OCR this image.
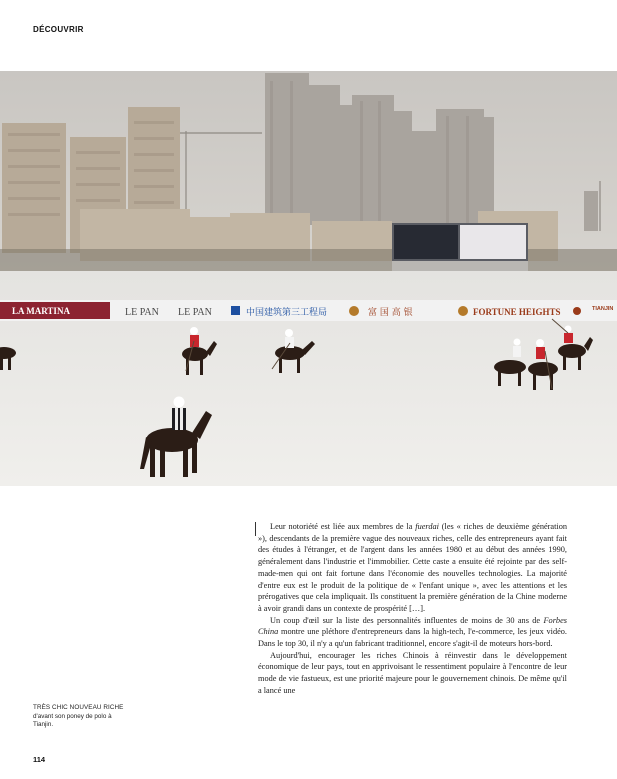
DÉCOUVRIR
LA MARTINA	LE PAN LE PAN	中国建筑第三工程局	富 国 高 银	FORTUNE HEIGHTS	TIANJIN
TRÈS CHIC NOUVEAU RICHE d'avant son poney de polo à Tianjin.
114

Leur notoriété est liée aux membres de la fuerdai (les « riches de deuxième génération »), descendants de la première vague des nouveaux riches, celle des entrepreneurs ayant fait des études à l'étranger, et de l'argent dans les années 1980 et au début des années 1990, généralement dans l'industrie et l'immobilier. Cette caste a ensuite été rejointe par des self-made-men qui ont fait fortune dans l'économie des nouvelles technologies. La majorité d'entre eux est le produit de la politique de « l'enfant unique », avec les attentions et les prérogatives que cela impliquait. Ils constituent la première génération de la Chine moderne à avoir grandi dans un contexte de prospérité […].

Un coup d'œil sur la liste des personnalités influentes de moins de 30 ans de Forbes China montre une pléthore d'entrepreneurs dans la high-tech, l'e-commerce, les jeux vidéo. Dans le top 30, il n'y a qu'un fabricant traditionnel, encore s'agit-il de moteurs hors-bord.

Aujourd'hui, encourager les riches Chinois à réinvestir dans le développement économique de leur pays, tout en apprivoisant le ressentiment populaire à l'encontre de leur mode de vie fastueux, est une priorité majeure pour le gouvernement chinois. De même qu'il a lancé une
